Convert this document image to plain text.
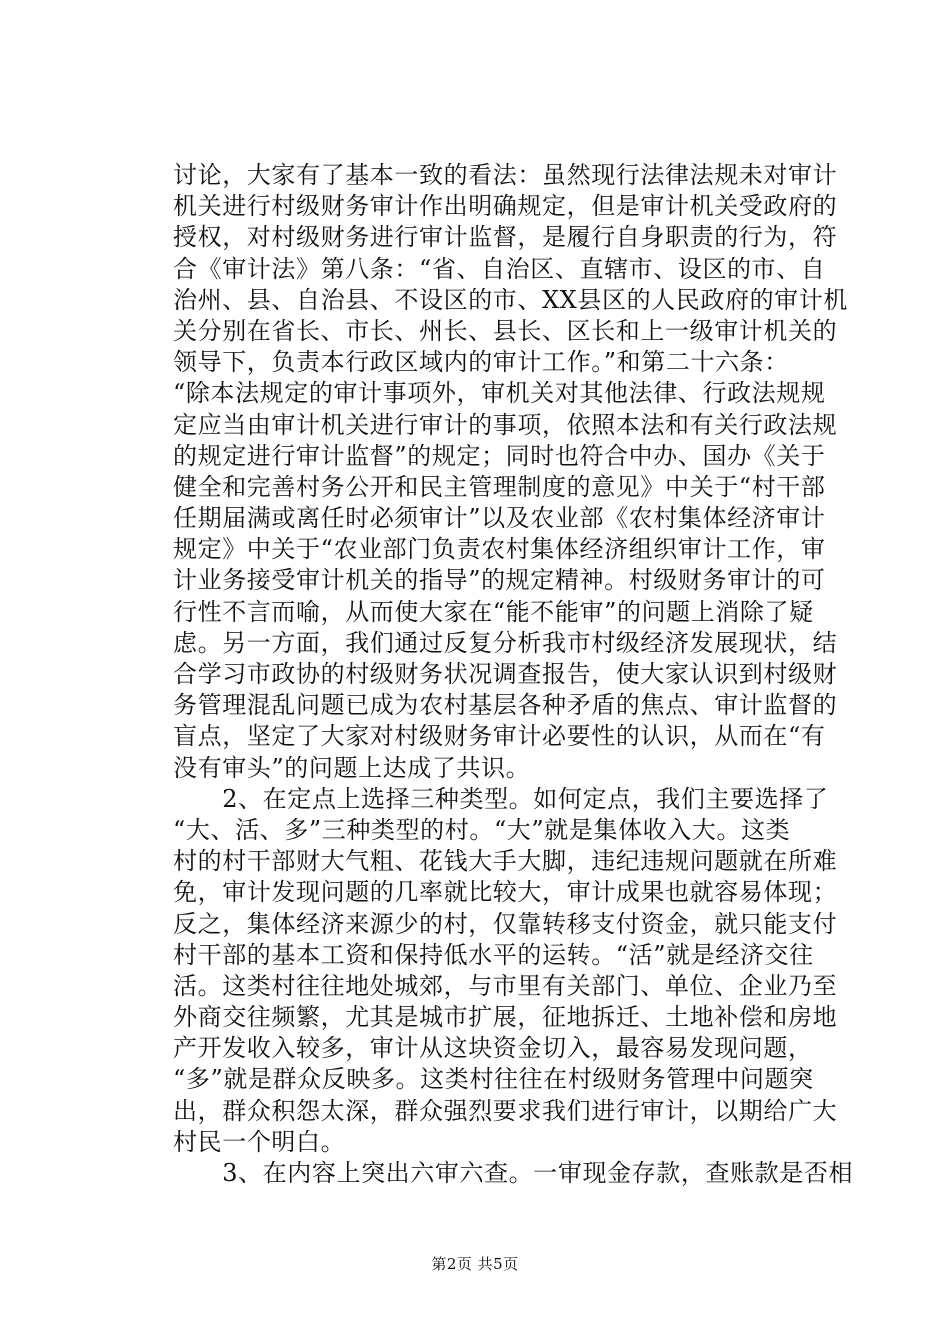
讨论，大家有了基本一致的看法：虽然现行法律法规未对审计
机关进行村级财务审计作出明确规定，但是审计机关受政府的
授权，对村级财务进行审计监督，是履行自身职责的行为，符
合《审计法》第八条：“省、自治区、直辖市、设区的市、自
治州、县、自治县、不设区的市、XX县区的人民政府的审计机
关分别在省长、市长、州长、县长、区长和上一级审计机关的
领导下，负责本行政区域内的审计工作。”和第二十六条：
“除本法规定的审计事项外，审机关对其他法律、行政法规规
定应当由审计机关进行审计的事项，依照本法和有关行政法规
的规定进行审计监督”的规定；同时也符合中办、国办《关于
健全和完善村务公开和民主管理制度的意见》中关于“村干部
任期届满或离任时必须审计”以及农业部《农村集体经济审计
规定》中关于“农业部门负责农村集体经济组织审计工作，审
计业务接受审计机关的指导”的规定精神。村级财务审计的可
行性不言而喻，从而使大家在“能不能审”的问题上消除了疑
虑。另一方面，我们通过反复分析我市村级经济发展现状，结
合学习市政协的村级财务状况调查报告，使大家认识到村级财
务管理混乱问题已成为农村基层各种矛盾的焦点、审计监督的
盲点，坚定了大家对村级财务审计必要性的认识，从而在“有
没有审头”的问题上达成了共识。
　　2、在定点上选择三种类型。如何定点，我们主要选择了
“大、活、多”三种类型的村。“大”就是集体收入大。这类
村的村干部财大气粗、花钱大手大脚，违纪违规问题就在所难
免，审计发现问题的几率就比较大，审计成果也就容易体现；
反之，集体经济来源少的村，仅靠转移支付资金，就只能支付
村干部的基本工资和保持低水平的运转。“活”就是经济交往
活。这类村往往地处城郊，与市里有关部门、单位、企业乃至
外商交往频繁，尤其是城市扩展，征地拆迁、土地补偿和房地
产开发收入较多，审计从这块资金切入，最容易发现问题，
“多”就是群众反映多。这类村往往在村级财务管理中问题突
出，群众积怨太深，群众强烈要求我们进行审计，以期给广大
村民一个明白。
　　3、在内容上突出六审六查。一审现金存款，查账款是否相
第2页 共5页
